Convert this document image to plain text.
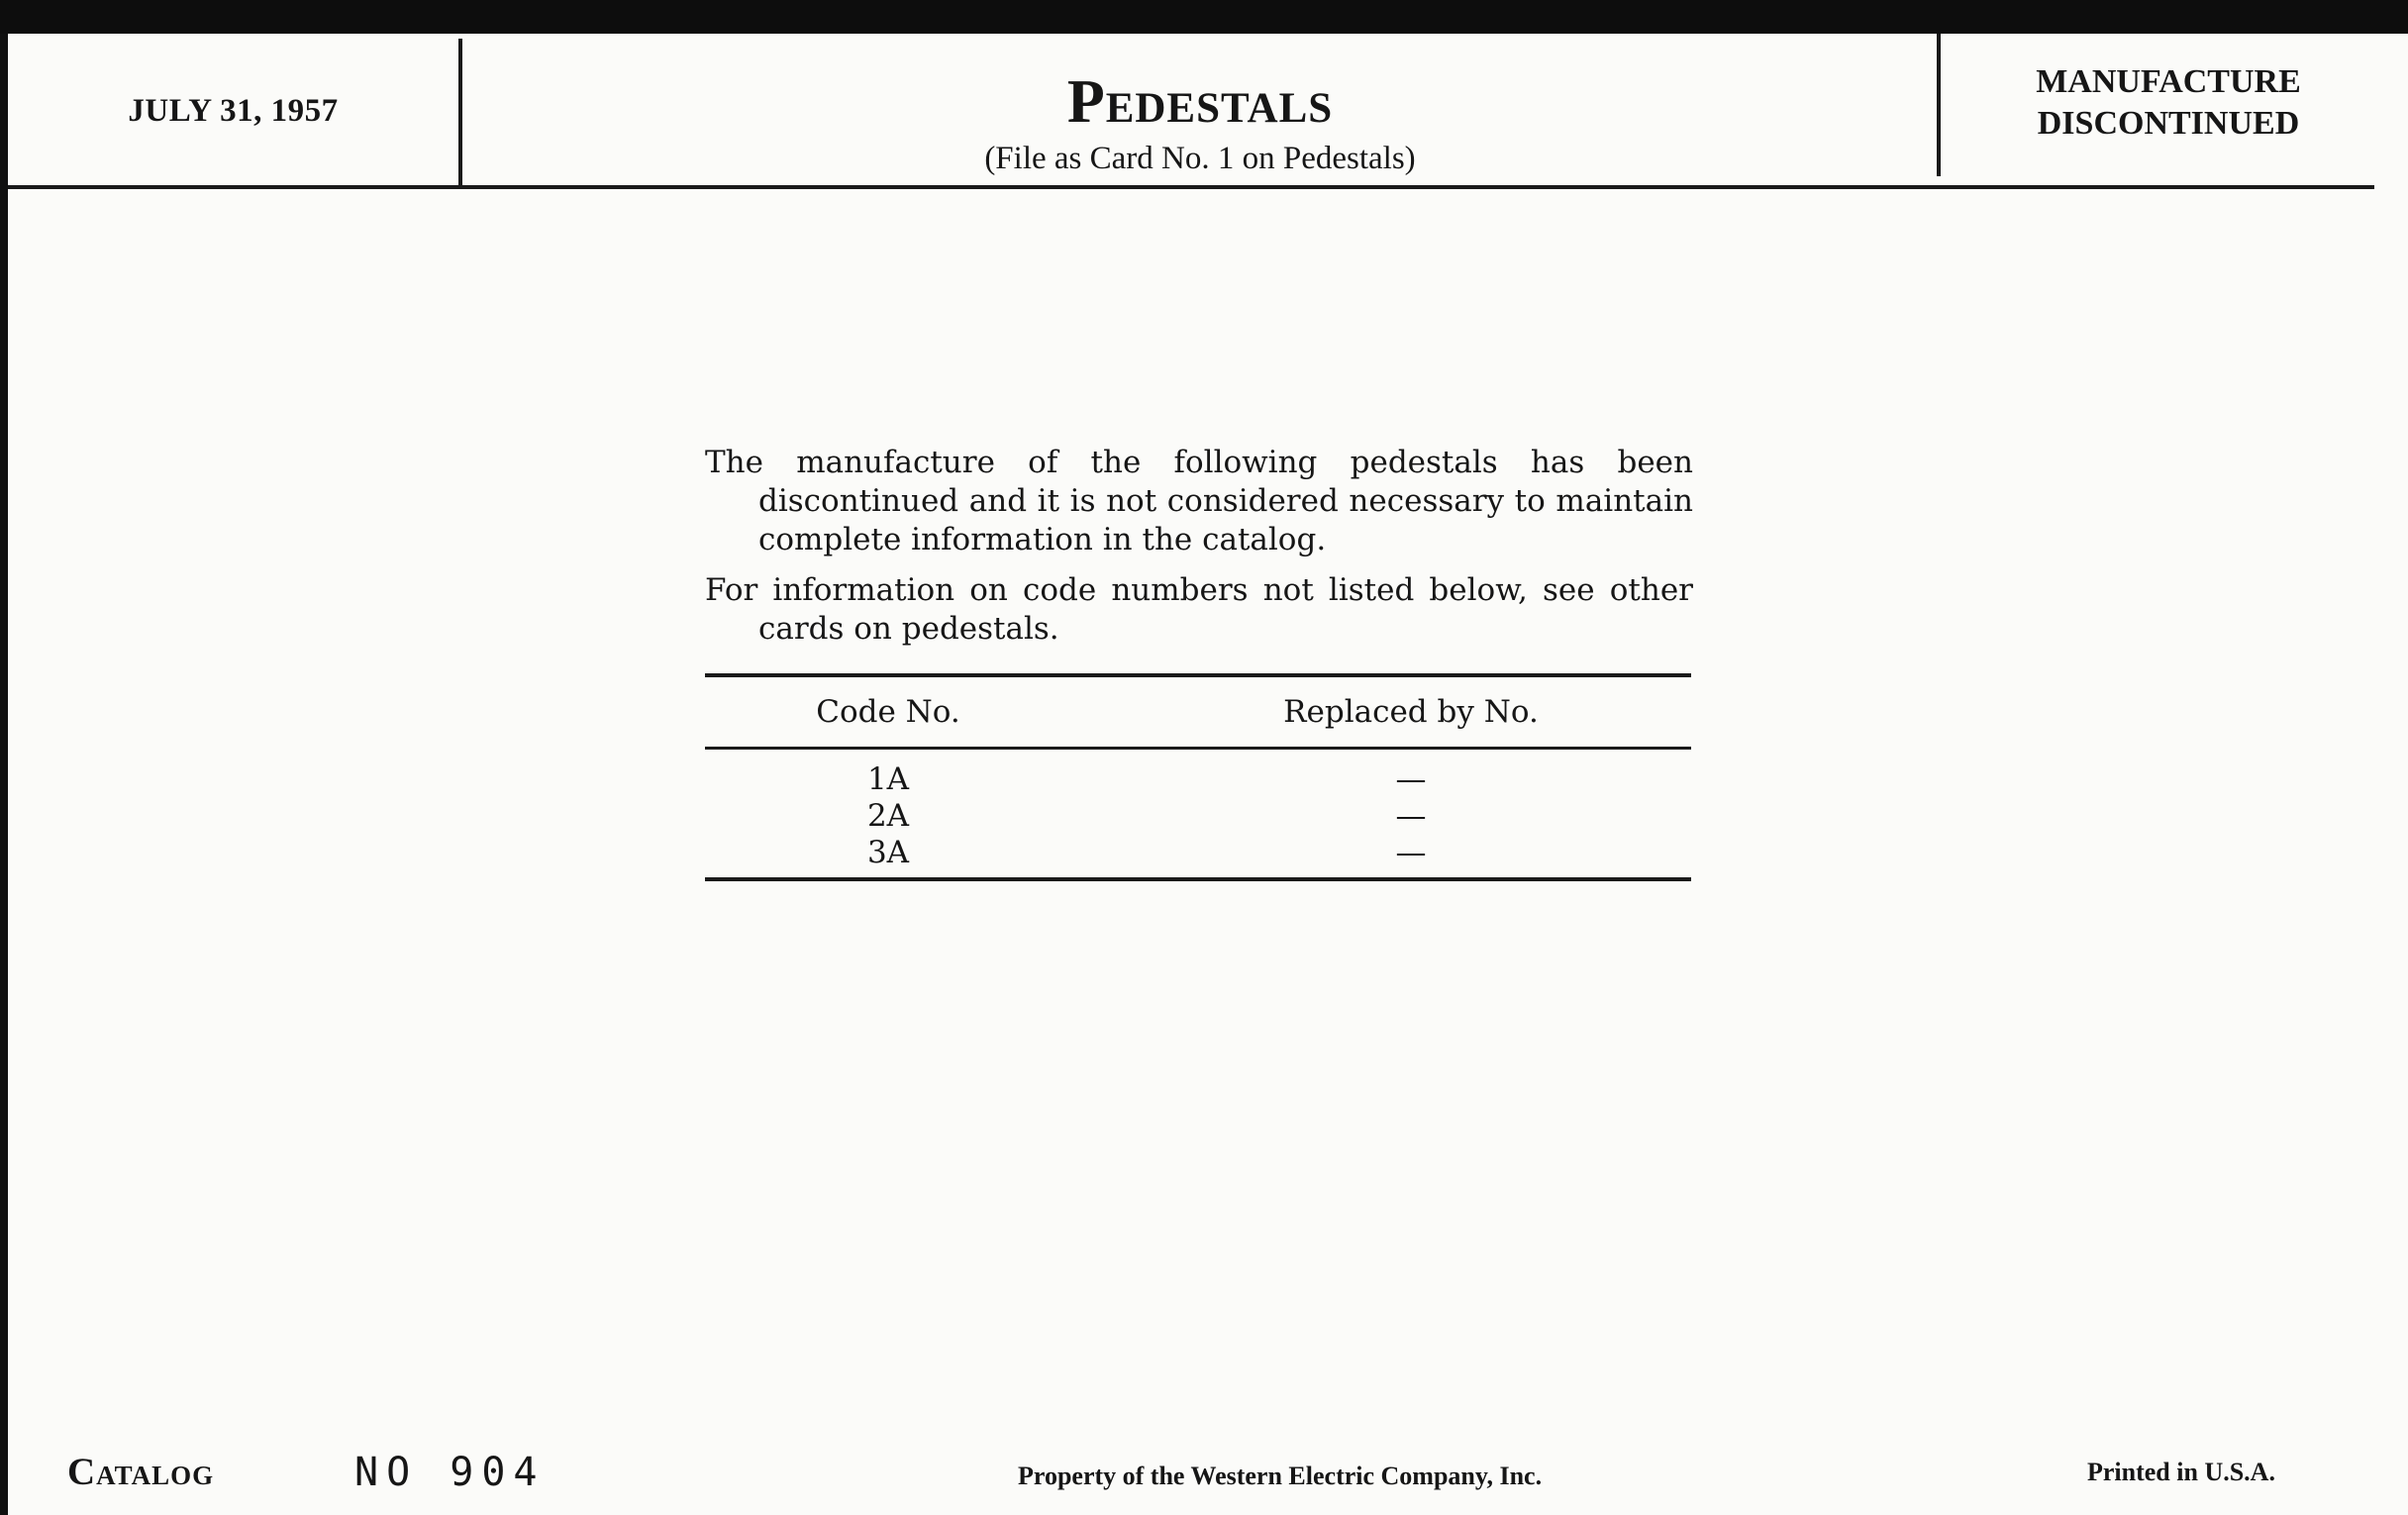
JULY 31, 1957	Pedestals
(File as Card No. 1 on Pedestals)
MANUFACTURE
DISCONTINUED

The manufacture of the following pedestals has been discontinued and it is not considered necessary to maintain complete information in the catalog.

For information on code numbers not listed below, see other cards on pedestals.

Code No.	Replaced by No.
1A	—
2A	—
3A	—
Catalog	NO 904	Property of the Western Electric Company, Inc.	Printed in U.S.A.
